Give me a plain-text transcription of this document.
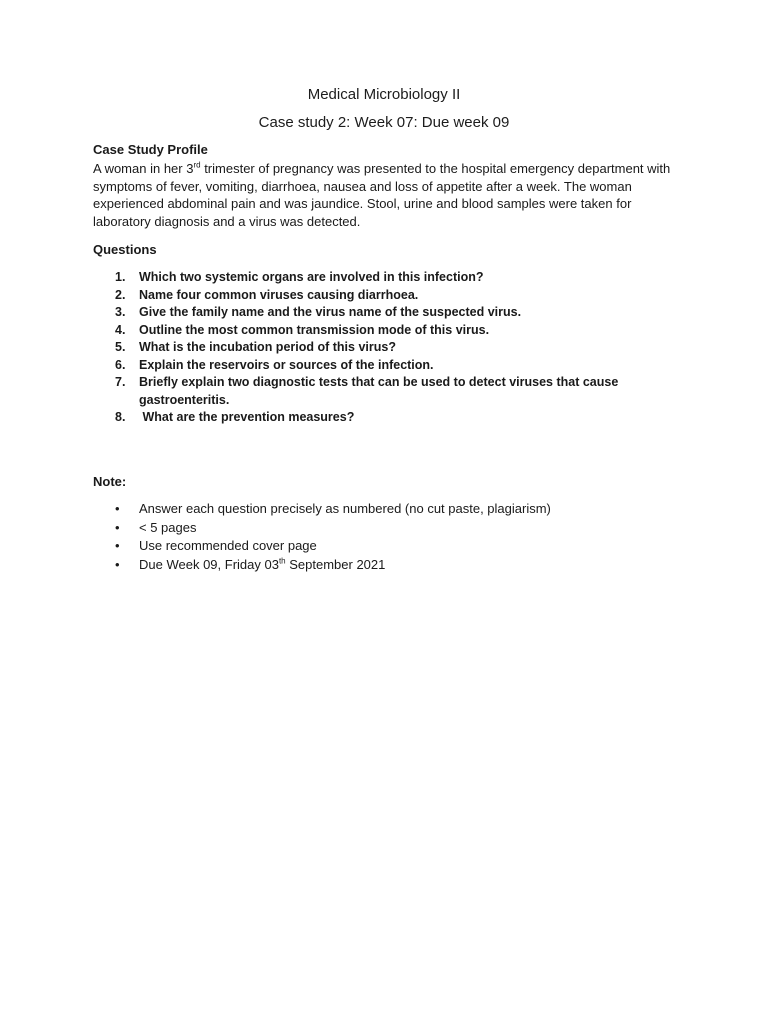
Medical Microbiology II
Case study 2: Week 07: Due week 09
Case Study Profile
A woman in her 3rd trimester of pregnancy was presented to the hospital emergency department with symptoms of fever, vomiting, diarrhoea, nausea and loss of appetite after a week. The woman experienced abdominal pain and was jaundice. Stool, urine and blood samples were taken for laboratory diagnosis and a virus was detected.
Questions
1. Which two systemic organs are involved in this infection?
2. Name four common viruses causing diarrhoea.
3. Give the family name and the virus name of the suspected virus.
4. Outline the most common transmission mode of this virus.
5. What is the incubation period of this virus?
6. Explain the reservoirs or sources of the infection.
7. Briefly explain two diagnostic tests that can be used to detect viruses that cause gastroenteritis.
8. What are the prevention measures?
Note:
• Answer each question precisely as numbered (no cut paste, plagiarism)
• < 5 pages
• Use recommended cover page
• Due Week 09, Friday 03th September 2021
